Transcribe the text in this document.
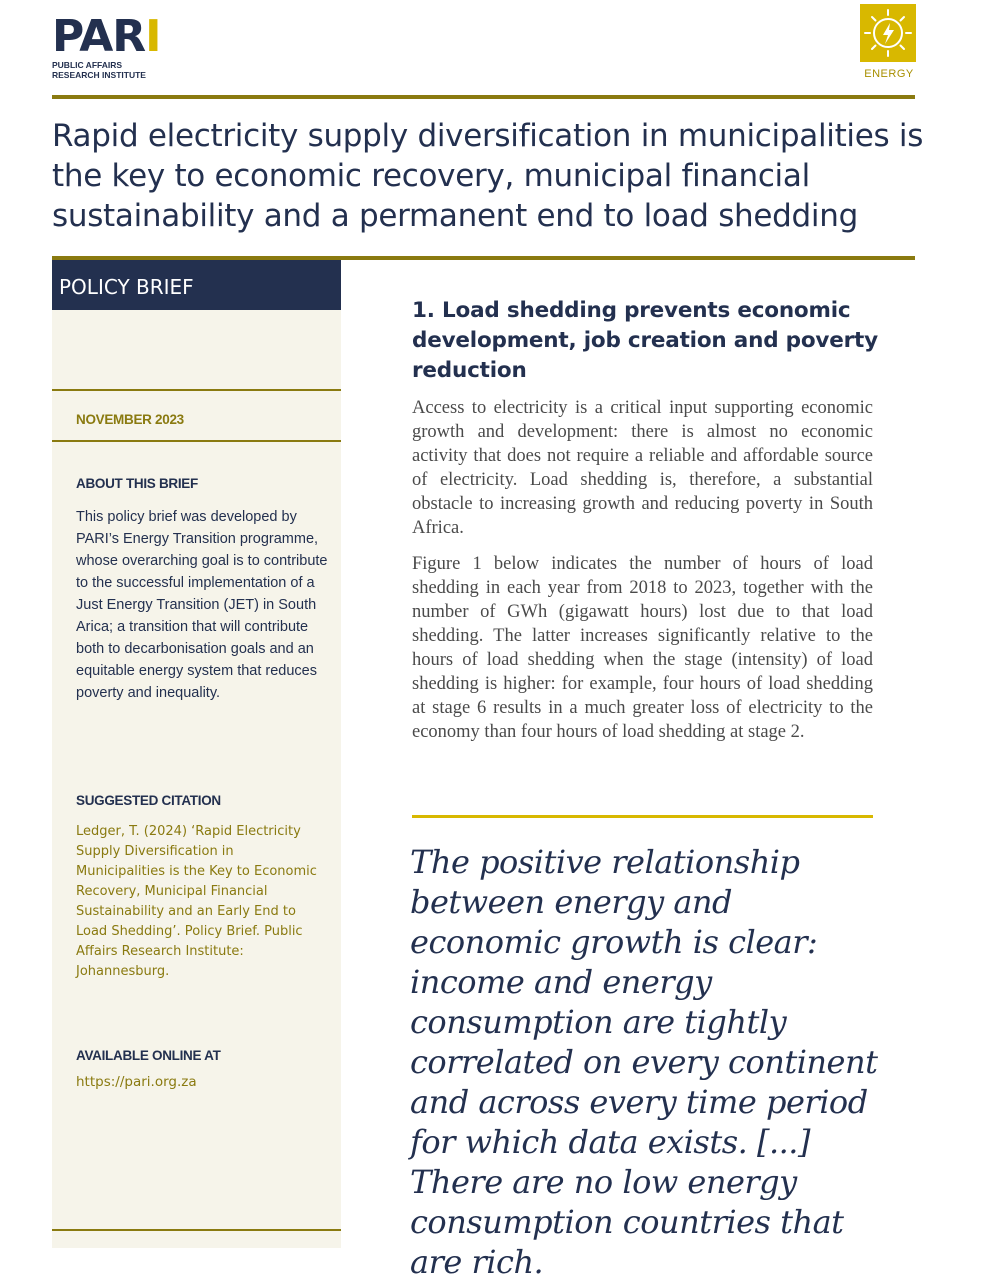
PARI
PUBLIC AFFAIRS
RESEARCH INSTITUTE	ENERGY
Rapid electricity supply diversification in municipalities is the key to economic recovery, municipal financial sustainability and a permanent end to load shedding
POLICY BRIEF
NOVEMBER 2023
ABOUT THIS BRIEF
This policy brief was developed by PARI’s Energy Transition programme, whose overarching goal is to contribute to the successful implementation of a Just Energy Transition (JET) in South Arica; a transition that will contribute both to decarbonisation goals and an equitable energy system that reduces poverty and inequality.
SUGGESTED CITATION
Ledger, T. (2024) ‘Rapid Electricity Supply Diversification in Municipalities is the Key to Economic Recovery, Municipal Financial Sustainability and an Early End to Load Shedding’. Policy Brief. Public Affairs Research Institute: Johannesburg.
AVAILABLE ONLINE AT
https://pari.org.za
1. Load shedding prevents economic development, job creation and poverty reduction

Access to electricity is a critical input supporting economic growth and development: there is almost no economic activity that does not require a reliable and affordable source of electricity. Load shedding is, therefore, a substantial obstacle to increasing growth and reducing poverty in South Africa.

Figure 1 below indicates the number of hours of load shedding in each year from 2018 to 2023, together with the number of GWh (gigawatt hours) lost due to that load shedding. The latter increases significantly relative to the hours of load shedding when the stage (intensity) of load shedding is higher: for example, four hours of load shedding at stage 6 results in a much greater loss of electricity to the economy than four hours of load shedding at stage 2.

The positive relationship between energy and economic growth is clear: income and energy consumption are tightly correlated on every continent and across every time period for which data exists. [...] There are no low energy consumption countries that are rich.
